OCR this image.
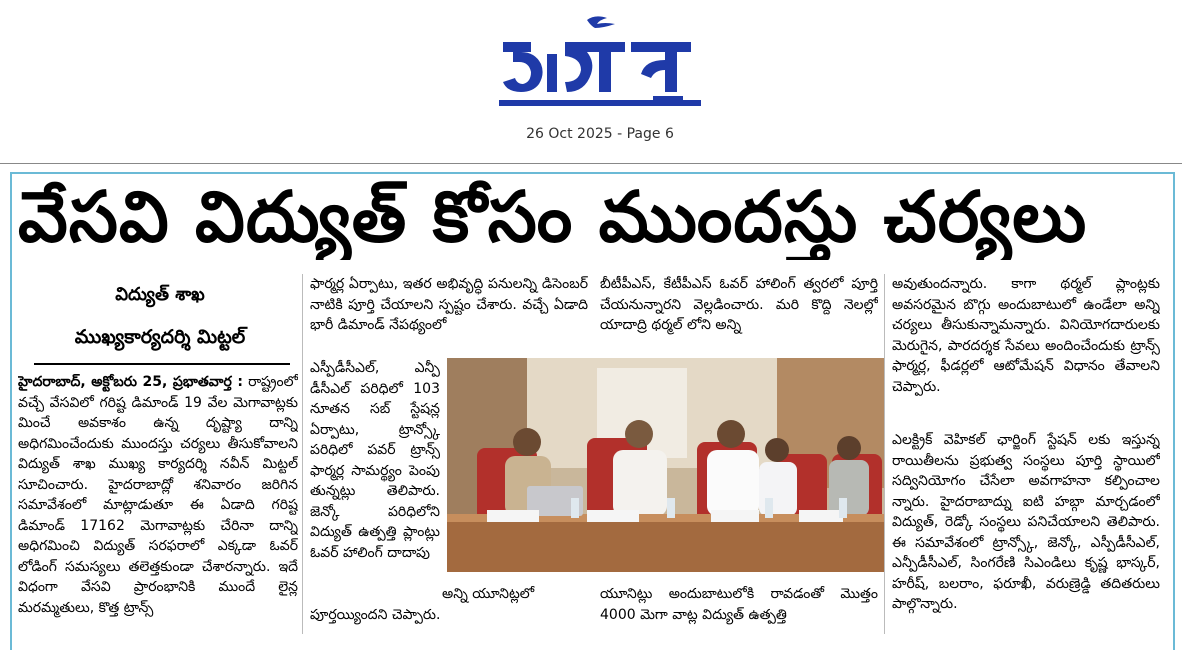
26 Oct 2025 - Page 6
వేసవి విద్యుత్ కోసం ముందస్తు చర్యలు
విద్యుత్ శాఖ
ముఖ్యకార్యదర్శి మిట్టల్

హైదరాబాద్, అక్టోబరు 25, ప్రభాతవార్త : రాష్ట్రంలో వచ్చే వేసవిలో గరిష్ట డిమాండ్ 19 వేల మెగావాట్లకు మించే అవకాశం ఉన్న దృష్ట్యా దాన్ని అధిగమించేందుకు ముందస్తు చర్యలు తీసుకోవాలని విద్యుత్ శాఖ ముఖ్య కార్యదర్శి నవీన్ మిట్టల్ సూచించారు. హైదరాబాద్లో శనివారం జరిగిన సమావేశంలో మాట్లాడుతూ ఈ ఏడాది గరిష్ట డిమాండ్ 17162 మెగావాట్లకు చేరినా దాన్ని అధిగమించి విద్యుత్ సరఫరాలో ఎక్కడా ఓవర్ లోడింగ్ సమస్యలు తలెత్తకుండా చేశారన్నారు. ఇదే విధంగా వేసవి ప్రారంభానికి ముందే లైన్ల మరమ్మతులు, కొత్త ట్రాన్స్

ఫార్మర్ల ఏర్పాటు, ఇతర అభివృద్ధి పనులన్ని డిసెంబర్ నాటికి పూర్తి చేయాలని స్పష్టం చేశారు. వచ్చే ఏడాది భారీ డిమాండ్ నేపథ్యంలో

ఎస్పీడీసీఎల్, ఎన్పీ డీసీఎల్ పరిధిలో 103 నూతన సబ్ స్టేషన్ల ఏర్పాటు, ట్రాన్స్కో పరిధిలో పవర్ ట్రాన్స్ ఫార్మర్ల సామర్థ్యం పెంపు తున్నట్లు తెలిపారు. జెన్కో పరిధిలోని విద్యుత్ ఉత్పత్తి ప్లాంట్లు ఓవర్ హాలింగ్ దాదాపు

అన్ని యూనిట్లలో

పూర్తయ్యిందని చెప్పారు.

బీటీపీఎస్, కేటీపీఎస్ ఓవర్ హాలింగ్ త్వరలో పూర్తి చేయనున్నారని వెల్లడించారు. మరి కొద్ది నెలల్లో యాదాద్రి థర్మల్ లోని అన్ని

యూనిట్లు అందుబాటులోకి రావడంతో మొత్తం 4000 మెగా వాట్ల విద్యుత్ ఉత్పత్తి

అవుతుందన్నారు. కాగా థర్మల్ ప్లాంట్లకు అవసరమైన బొగ్గు అందుబాటులో ఉండేలా అన్ని చర్యలు తీసుకున్నామన్నారు. వినియోగదారులకు మెరుగైన, పారదర్శక సేవలు అందించేందుకు ట్రాన్స్ ఫార్మర్ల, ఫీడర్లలో ఆటోమేషన్ విధానం తేవాలని చెప్పారు.

ఎలక్ట్రిక్ వెహికల్ ఛార్జింగ్ స్టేషన్ లకు ఇస్తున్న రాయితీలను ప్రభుత్వ సంస్థలు పూర్తి స్థాయిలో సద్వినియోగం చేసేలా అవగాహనా కల్పించాల న్నారు. హైదరాబాద్ను ఐటి హబ్గా మార్చడంలో విద్యుత్, రెడ్కో సంస్థలు పనిచేయాలని తెలిపారు. ఈ సమావేశంలో ట్రాన్స్కో, జెన్కో, ఎస్పీడీసీఎల్, ఎన్పీడీసీఎల్, సింగరేణి సిఎండిలు కృష్ణ భాస్కర్, హరీష్, బలరాం, ఫరూఖీ, వరుణ్రెడ్డి తదితరులు పాల్గొన్నారు.
